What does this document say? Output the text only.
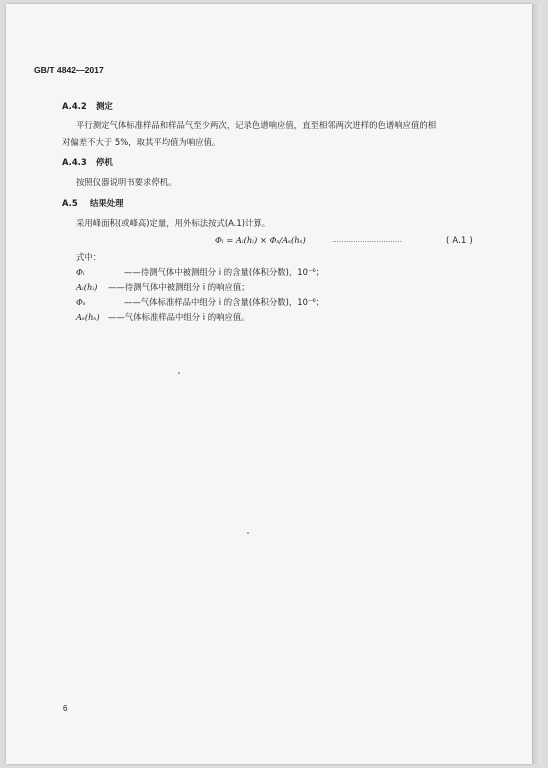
GB/T 4842—2017
A.4.2 测定
平行测定气体标准样品和样品气至少两次，记录色谱响应值，直至相邻两次进样的色谱响应值的相
对偏差不大于 5%，取其平均值为响应值。
A.4.3 停机
按照仪器说明书要求停机。
A.5 结果处理
采用峰面积(或峰高)定量，用外标法按式(A.1)计算。
Φᵢ = Aᵢ(hᵢ) × Φₛ/Aₛ(hₛ)	…………………………	( A.1 )
式中：
Φᵢ	——待测气体中被测组分 i 的含量(体积分数)，10⁻⁶；
Aᵢ(hᵢ) ——待测气体中被测组分 i 的响应值；
Φₛ	——气体标准样品中组分 i 的含量(体积分数)，10⁻⁶；
Aₛ(hₛ) ——气体标准样品中组分 i 的响应值。
6
